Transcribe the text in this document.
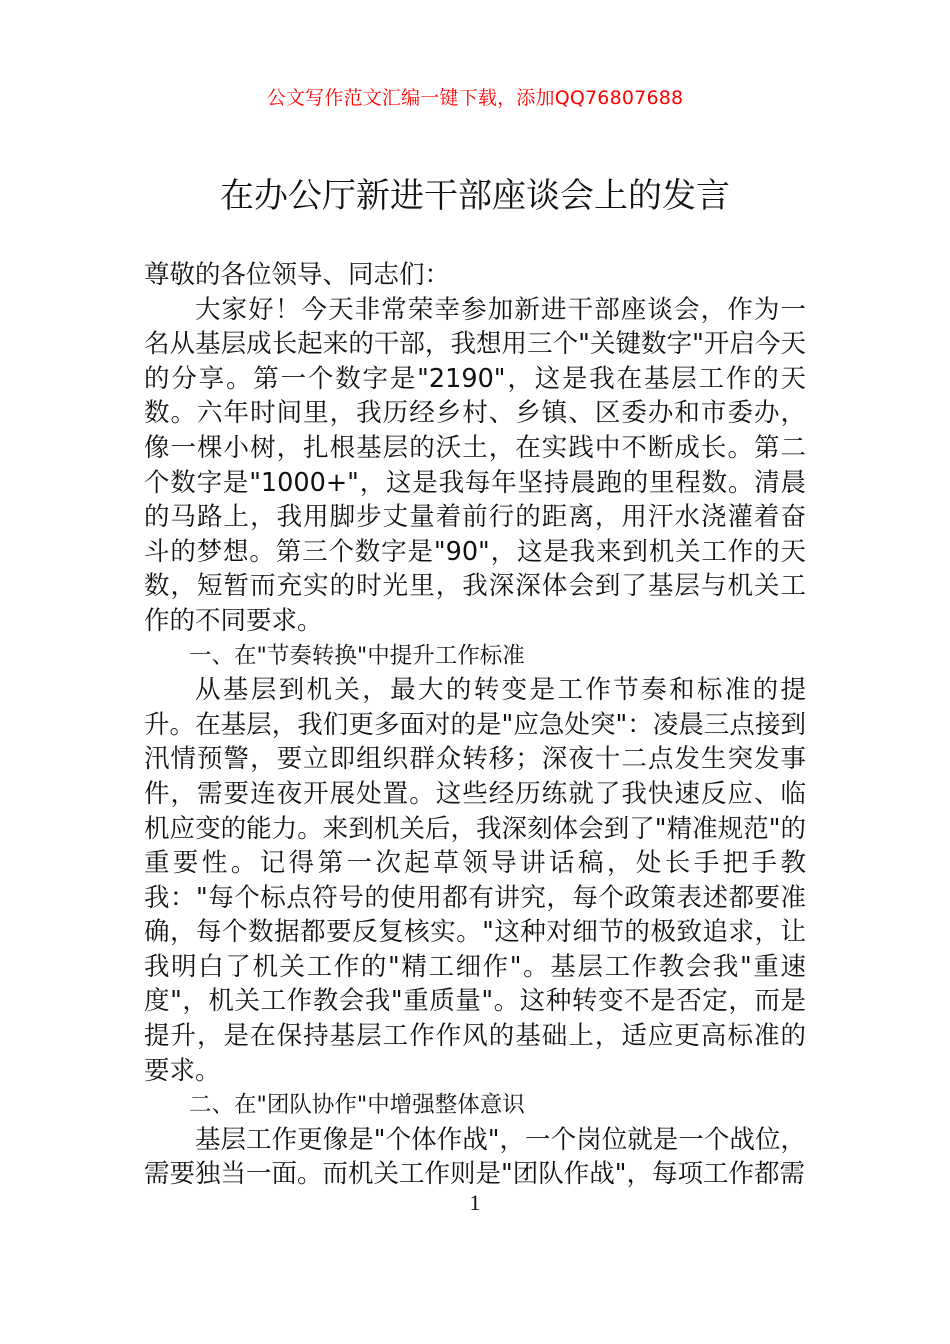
公文写作范文汇编一键下载，添加QQ76807688
在办公厅新进干部座谈会上的发言

尊敬的各位领导、同志们：

大家好！今天非常荣幸参加新进干部座谈会，作为一名从基层成长起来的干部，我想用三个"关键数字"开启今天的分享。第一个数字是"2190"，这是我在基层工作的天数。六年时间里，我历经乡村、乡镇、区委办和市委办，像一棵小树，扎根基层的沃土，在实践中不断成长。第二个数字是"1000+"，这是我每年坚持晨跑的里程数。清晨的马路上，我用脚步丈量着前行的距离，用汗水浇灌着奋斗的梦想。第三个数字是"90"，这是我来到机关工作的天数，短暂而充实的时光里，我深深体会到了基层与机关工作的不同要求。

一、在"节奏转换"中提升工作标准

从基层到机关，最大的转变是工作节奏和标准的提升。在基层，我们更多面对的是"应急处突"：凌晨三点接到汛情预警，要立即组织群众转移；深夜十二点发生突发事件，需要连夜开展处置。这些经历练就了我快速反应、临机应变的能力。来到机关后，我深刻体会到了"精准规范"的重要性。记得第一次起草领导讲话稿，处长手把手教我："每个标点符号的使用都有讲究，每个政策表述都要准确，每个数据都要反复核实。"这种对细节的极致追求，让我明白了机关工作的"精工细作"。基层工作教会我"重速度"，机关工作教会我"重质量"。这种转变不是否定，而是提升，是在保持基层工作作风的基础上，适应更高标准的要求。

二、在"团队协作"中增强整体意识

基层工作更像是"个体作战"，一个岗位就是一个战位，需要独当一面。而机关工作则是"团队作战"，每项工作都需

1
